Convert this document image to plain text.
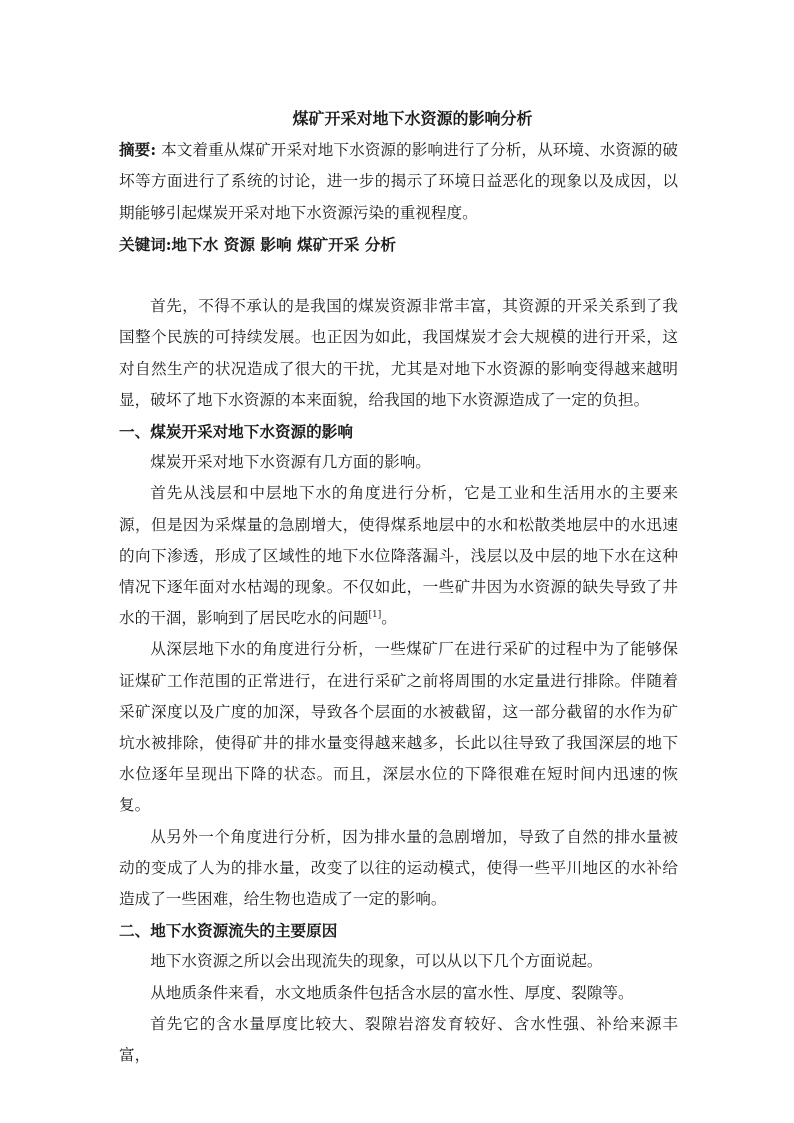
煤矿开采对地下水资源的影响分析

摘要: 本文着重从煤矿开采对地下水资源的影响进行了分析，从环境、水资源的破坏等方面进行了系统的讨论，进一步的揭示了环境日益恶化的现象以及成因，以期能够引起煤炭开采对地下水资源污染的重视程度。

关键词:地下水 资源 影响 煤矿开采 分析

首先，不得不承认的是我国的煤炭资源非常丰富，其资源的开采关系到了我国整个民族的可持续发展。也正因为如此，我国煤炭才会大规模的进行开采，这对自然生产的状况造成了很大的干扰，尤其是对地下水资源的影响变得越来越明显，破坏了地下水资源的本来面貌，给我国的地下水资源造成了一定的负担。

一、煤炭开采对地下水资源的影响

煤炭开采对地下水资源有几方面的影响。

首先从浅层和中层地下水的角度进行分析，它是工业和生活用水的主要来源，但是因为采煤量的急剧增大，使得煤系地层中的水和松散类地层中的水迅速的向下渗透，形成了区域性的地下水位降落漏斗，浅层以及中层的地下水在这种情况下逐年面对水枯竭的现象。不仅如此，一些矿井因为水资源的缺失导致了井水的干涸，影响到了居民吃水的问题[1]。

从深层地下水的角度进行分析，一些煤矿厂在进行采矿的过程中为了能够保证煤矿工作范围的正常进行，在进行采矿之前将周围的水定量进行排除。伴随着采矿深度以及广度的加深，导致各个层面的水被截留，这一部分截留的水作为矿坑水被排除，使得矿井的排水量变得越来越多，长此以往导致了我国深层的地下水位逐年呈现出下降的状态。而且，深层水位的下降很难在短时间内迅速的恢复。

从另外一个角度进行分析，因为排水量的急剧增加，导致了自然的排水量被动的变成了人为的排水量，改变了以往的运动模式，使得一些平川地区的水补给造成了一些困难，给生物也造成了一定的影响。

二、地下水资源流失的主要原因

地下水资源之所以会出现流失的现象，可以从以下几个方面说起。

从地质条件来看，水文地质条件包括含水层的富水性、厚度、裂隙等。

首先它的含水量厚度比较大、裂隙岩溶发育较好、含水性强、补给来源丰富，
